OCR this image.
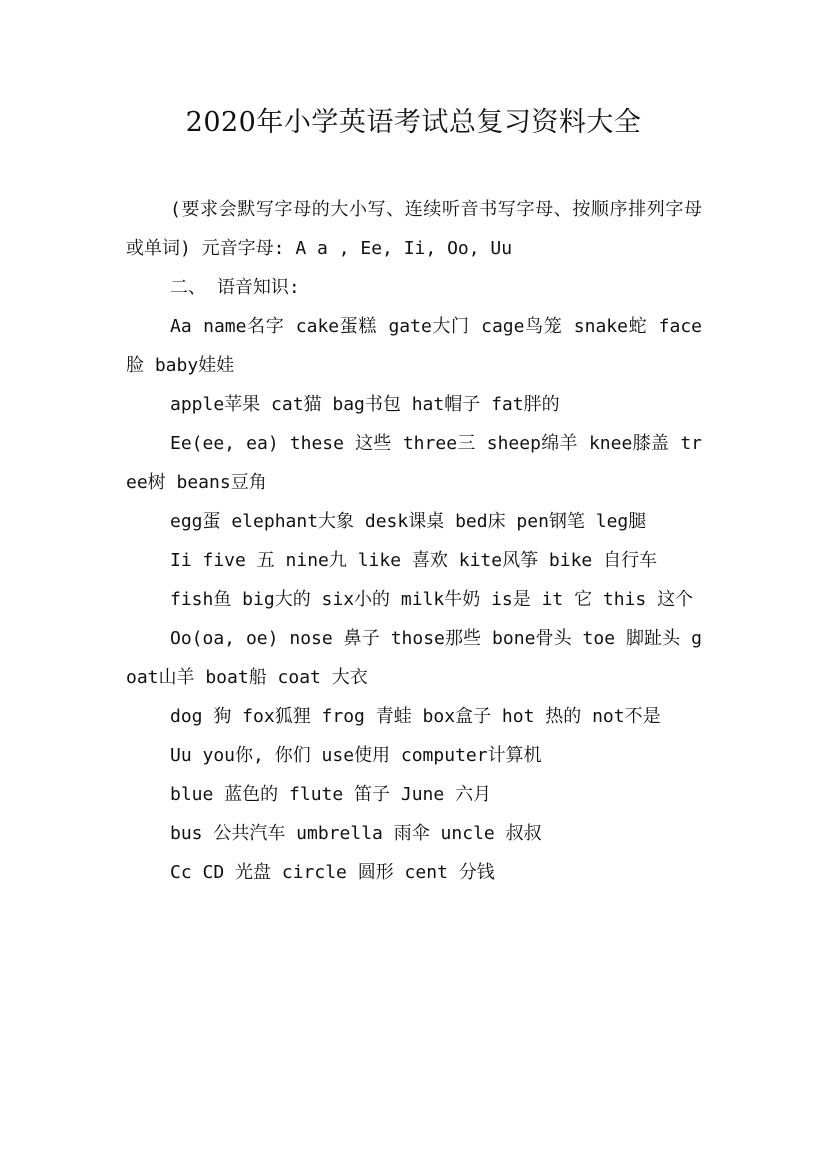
2020年小学英语考试总复习资料大全

(要求会默写字母的大小写、连续听音书写字母、按顺序排列字母或单词) 元音字母: A a , Ee, Ii, Oo, Uu

二、 语音知识:

Aa name名字 cake蛋糕 gate大门 cage鸟笼 snake蛇 face脸 baby娃娃

apple苹果 cat猫 bag书包 hat帽子 fat胖的

Ee(ee, ea) these 这些 three三 sheep绵羊 knee膝盖 tree树 beans豆角

egg蛋 elephant大象 desk课桌 bed床 pen钢笔 leg腿

Ii five 五 nine九 like 喜欢 kite风筝 bike 自行车

fish鱼 big大的 six小的 milk牛奶 is是 it 它 this 这个

Oo(oa, oe) nose 鼻子 those那些 bone骨头 toe 脚趾头 goat山羊 boat船 coat 大衣

dog 狗 fox狐狸 frog 青蛙 box盒子 hot 热的 not不是

Uu you你, 你们 use使用 computer计算机

blue 蓝色的 flute 笛子 June 六月

bus 公共汽车 umbrella 雨伞 uncle 叔叔

Cc CD 光盘 circle 圆形 cent 分钱
